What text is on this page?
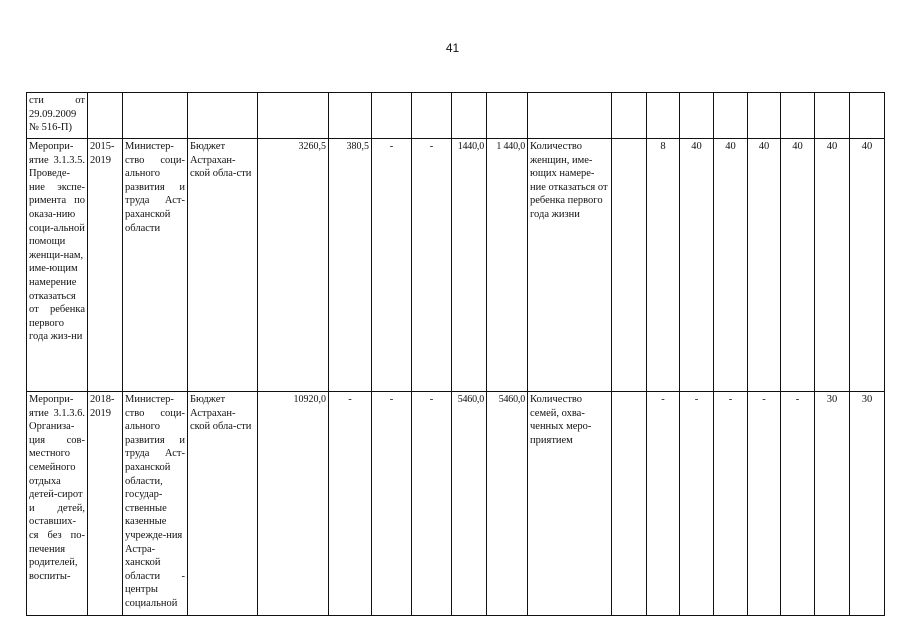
41
сти от 29.09.2009 № 516-П)																		
Меропри-ятие 3.1.3.5. Проведе-ние экспе-римента по оказа-нию соци-альной помощи женщи-нам, име-ющим намерение отказаться от ребенка первого года жиз-ни	2015-2019	Министер-ство соци-ального развития и труда Аст-раханской области	Бюджет Астрахан-ской обла-сти	3260,5	380,5	-	-	1440,0	1 440,0	Количество женщин, име-ющих намере-ние отказаться от ребенка первого года жизни		8	40	40	40	40	40	40
Меропри-ятие 3.1.3.6. Организа-ция сов-местного семейного отдыха детей-сирот и детей, оставших-ся без по-печения родителей, воспиты-	2018-2019	Министер-ство соци-ального развития и труда Аст-раханской области, государ-ственные казенные учрежде-ния Астра-ханской области - центры социальной	Бюджет Астрахан-ской обла-сти	10920,0	-	-	-	5460,0	5460,0	Количество семей, охва-ченных меро-приятием		-	-	-	-	-	30	30
